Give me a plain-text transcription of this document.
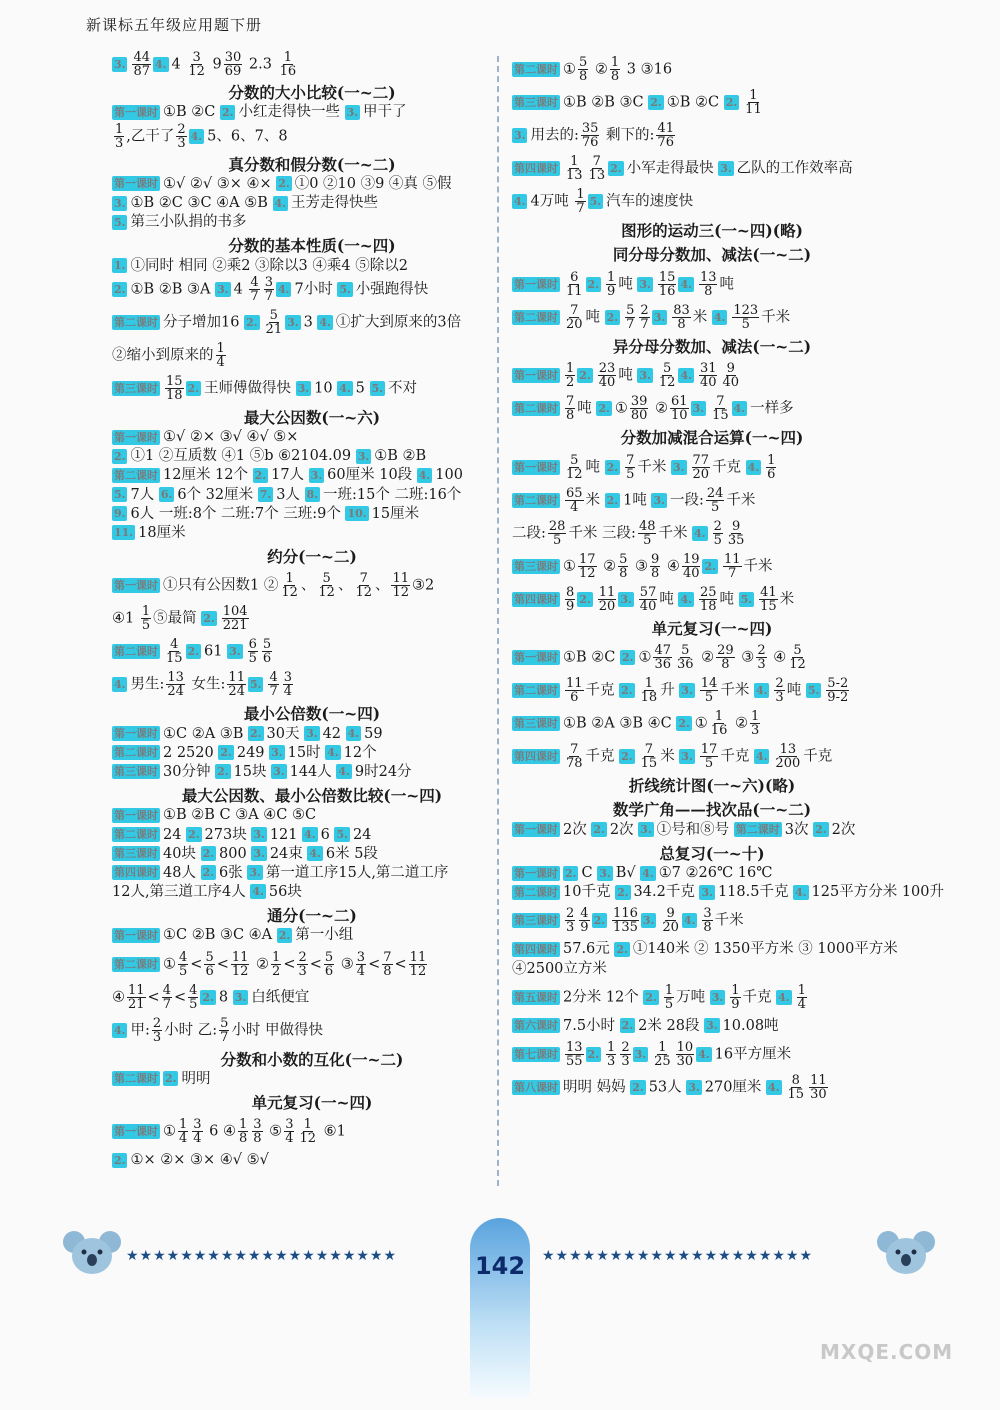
新课标五年级应用题下册
3. $\frac{44}{87} 4$. $4 \frac{3}{12} 9 \frac{30}{69} 2.3 \frac{1}{16}$
分数的大小比较(一~二)
第一课时 ①B ②C 2. 小红走得快一些 3. 甲干了
$\frac{1}{3}$ ,乙干了 $\frac{2}{3} 4$. 5、6、7、8
真分数和假分数(一~二)
第一课时 ①√ ②√ ③× ④× 2. ①0 ②10 ③9 ④真 ⑤假
3. ①B ②C ③C ④A ⑤B 4. 王芳走得快些
5. 第三小队捐的书多
分数的基本性质(一~四)
1. ①同时 相同 ②乘2 ③除以3 ④乘4 ⑤除以2
2. ①B ②B ③A 3. $4 \frac{4}{7} \frac{3}{7} 4$. 7小时 5. 小强跑得快
第二课时 分子增加16 2. $\frac{5}{21} 3$. 3 4. ①扩大到原来的3倍
②缩小到原来的 $\frac{1}{4}$
第三课时 $\frac{15}{18} 2$. 王师傅做得快 3. 10 4. 5 5. 不对
最大公因数(一~六)
第一课时 ①√ ②× ③√ ④√ ⑤×
2. ①1 ②互质数 ④1 ⑤b ⑥2104.09 3. ①B ②B
第二课时 12厘米 12个 2. 17人 3. 60厘米 10段 4. 100
5. 7人 6. 6个 32厘米 7. 3人 8. 一班:15个 二班:16个
9. 6人 一班:8个 二班:7个 三班:9个 10. 15厘米
11. 18厘米
约分(一~二)
第一课时 ①只有公因数1 ② $\frac{1}{12}$ 、 $\frac{5}{12}$ 、 $\frac{7}{12}$ 、 $\frac{11}{12}$ ③2
④1 $\frac{1}{5}$ ⑤最简 2. $\frac{104}{221}$
第二课时 $\frac{4}{15} 2$. 61 3. $\frac{6}{5} \frac{5}{6}$
4. 男生: $\frac{13}{24}$ 女生: $\frac{11}{24} 5$. $\frac{4}{7} \frac{3}{4}$
最小公倍数(一~四)
第一课时 ①C ②A ③B 2. 30天 3. 42 4. 59
第二课时 2 2520 2. 249 3. 15时 4. 12个
第三课时 30分钟 2. 15块 3. 144人 4. 9时24分
最大公因数、最小公倍数比较(一~四)
第一课时 ①B ②B C ③A ④C ⑤C
第二课时 24 2. 273块 3. 121 4. 6 5. 24
第三课时 40块 2. 800 3. 24束 4. 6米 5段
第四课时 48人 2. 6张 3. 第一道工序15人,第二道工序
12人,第三道工序4人 4. 56块
通分(一~二)
第一课时 ①C ②B ③C ④A 2. 第一小组
第二课时 ① $\frac{4}{5} < \frac{5}{6} < \frac{11}{12}$ ② $\frac{1}{2} < \frac{2}{3} < \frac{5}{6}$ ③ $\frac{3}{4} < \frac{7}{8} < \frac{11}{12}$
④ $\frac{11}{21} < \frac{4}{7} < \frac{4}{5} 2$. 8 3. 白纸便宜
4. 甲: $\frac{2}{3}$ 小时 乙: $\frac{5}{7}$ 小时 甲做得快
分数和小数的互化(一~二)
第二课时 2. 明明
单元复习(一~四)
第一课时 ① $\frac{1}{4} \frac{3}{4} 6$ ④ $\frac{1}{8} \frac{3}{8}$ ⑤ $\frac{3}{4} \frac{1}{12}$ ⑥1
2. ①× ②× ③× ④√ ⑤√
第二课时 ① $\frac{5}{8}$ ② $\frac{1}{8} 3$ ③16
第三课时 ①B ②B ③C 2. ①B ②C 2. $\frac{1}{11}$
3. 用去的: $\frac{35}{76}$ 剩下的: $\frac{41}{76}$
第四课时 $\frac{1}{13} \frac{7}{13} 2$. 小军走得最快 3. 乙队的工作效率高
4. 4万吨 $\frac{1}{7} 5$. 汽车的速度快
图形的运动三(一~四)(略)
同分母分数加、减法(一~二)
第一课时 $\frac{6}{11} 2$. $\frac{1}{9}$ 吨 3. $\frac{15}{16} 4$. $\frac{13}{8}$ 吨
第二课时 $\frac{7}{20}$ 吨 2. $\frac{5}{7} \frac{2}{7} 3$. $\frac{83}{8}$ 米 4. $\frac{123}{5}$ 千米
异分母分数加、减法(一~二)
第一课时 $\frac{1}{2} 2$. $\frac{23}{40}$ 吨 3. $\frac{5}{12} 4$. $\frac{31}{40} \frac{9}{40}$
第二课时 $\frac{7}{8}$ 吨 2. ① $\frac{39}{80}$ ② $\frac{61}{10} 3$. $\frac{7}{15} 4$. 一样多
分数加减混合运算(一~四)
第一课时 $\frac{5}{12}$ 吨 2. $\frac{7}{5}$ 千米 3. $\frac{77}{20}$ 千克 4. $\frac{1}{6}$
第二课时 $\frac{65}{4}$ 米 2. 1吨 3. 一段: $\frac{24}{5}$ 千米
二段: $\frac{28}{5}$ 千米 三段: $\frac{48}{5}$ 千米 4. $\frac{2}{5} \frac{9}{35}$
第三课时 ① $\frac{17}{12}$ ② $\frac{5}{8}$ ③ $\frac{9}{8}$ ④ $\frac{19}{40} 2$. $\frac{11}{7}$ 千米
第四课时 $\frac{8}{9} 2$. $\frac{11}{20} 3$. $\frac{57}{40}$ 吨 4. $\frac{25}{18}$ 吨 5. $\frac{41}{15}$ 米
单元复习(一~四)
第一课时 ①B ②C 2. ① $\frac{47}{36} \frac{5}{36}$ ② $\frac{29}{8}$ ③ $\frac{2}{3}$ ④ $\frac{5}{12}$
第二课时 $\frac{11}{6}$ 千克 2. $\frac{1}{18}$ 升 3. $\frac{14}{5}$ 千米 4. $\frac{2}{3}$ 吨 5. $\frac{5-2}{9-2}$
第三课时 ①B ②A ③B ④C 2. ① $\frac{1}{16}$ ② $\frac{1}{3}$
第四课时 $\frac{7}{78}$ 千克 2. $\frac{7}{15}$ 米 3. $\frac{17}{5}$ 千克 4. $\frac{13}{200}$ 千克
折线统计图(一~六)(略)
数学广角——找次品(一~二)
第一课时 2次 2. 2次 3. ①号和⑧号 第二课时 3次 2. 2次
总复习(一~十)
第一课时 2. C 3. B√ 4. ①7 ②26℃ 16℃
第二课时 10千克 2. 34.2千克 3. 118.5千克 4. 125平方分米 100升
第三课时 $\frac{2}{3} \frac{4}{9} 2$. $\frac{116}{135} 3$. $\frac{9}{20} 4$. $\frac{3}{8}$ 千米
第四课时 57.6元 2. ①140米 ② 1350平方米 ③ 1000平方米
④2500立方米
第五课时 2分米 12个 2. $\frac{1}{5}$ 万吨 3. $\frac{1}{9}$ 千克 4. $\frac{1}{4}$
第六课时 7.5小时 2. 2米 28段 3. 10.08吨
第七课时 $\frac{13}{55} 2$. $\frac{1}{3} \frac{2}{3} 3$. $\frac{1}{25} \frac{10}{30} 4$. 16平方厘米
第八课时 明明 妈妈 2. 53人 3. 270厘米 4. $\frac{8}{15} \frac{11}{30}$
★★★★★★★★★★★★★★★★★★★★	142	★★★★★★★★★★★★★★★★★★★★
MXQE.COM
